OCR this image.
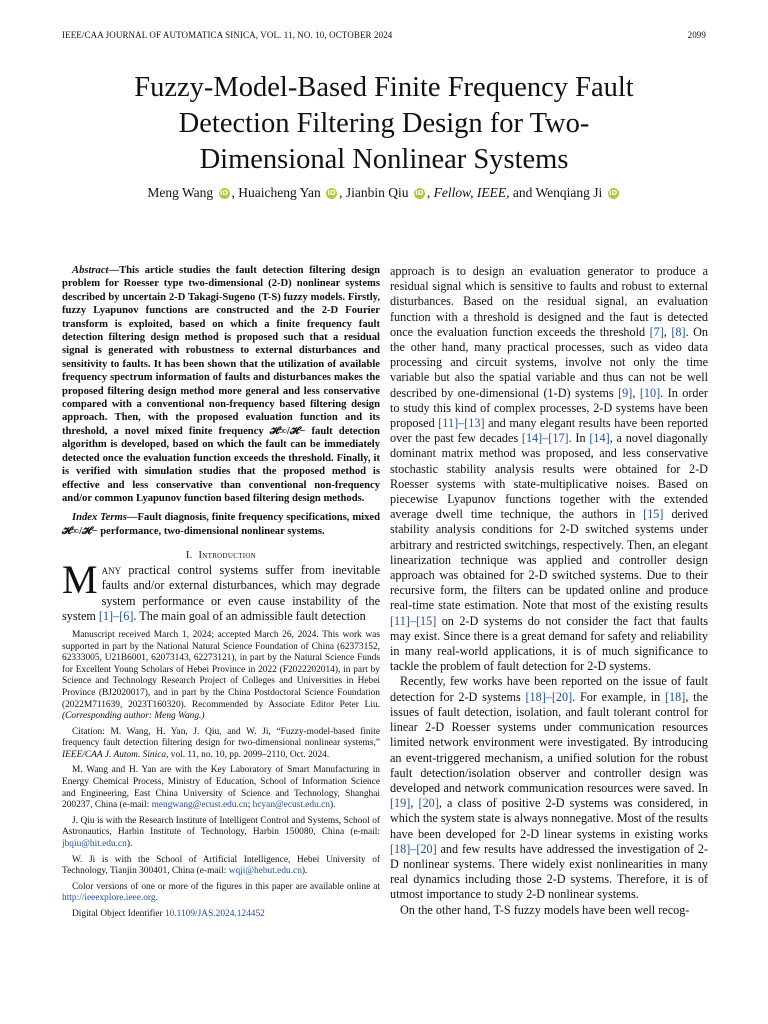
IEEE/CAA JOURNAL OF AUTOMATICA SINICA, VOL. 11, NO. 10, OCTOBER 2024	2099
Fuzzy-Model-Based Finite Frequency Fault
Detection Filtering Design for Two-
Dimensional Nonlinear Systems
Meng Wang iD , Huaicheng Yan iD , Jianbin Qiu iD , Fellow, IEEE, and Wenqiang Ji iD

Abstract—This article studies the fault detection filtering design problem for Roesser type two-dimensional (2-D) nonlinear systems described by uncertain 2-D Takagi-Sugeno (T-S) fuzzy models. Firstly, fuzzy Lyapunov functions are constructed and the 2-D Fourier transform is exploited, based on which a finite frequency fault detection filtering design method is proposed such that a residual signal is generated with robustness to external disturbances and sensitivity to faults. It has been shown that the utilization of available frequency spectrum information of faults and disturbances makes the proposed filtering design method more general and less conservative compared with a conventional non-frequency based filtering design approach. Then, with the proposed evaluation function and its threshold, a novel mixed finite frequency 𝓗∞/𝓗− fault detection algorithm is developed, based on which the fault can be immediately detected once the evaluation function exceeds the threshold. Finally, it is verified with simulation studies that the proposed method is effective and less conservative than conventional non-frequency and/or common Lyapunov function based filtering design methods.

Index Terms—Fault diagnosis, finite frequency specifications, mixed 𝓗∞/𝓗− performance, two-dimensional nonlinear systems.

I. Introduction

Many practical control systems suffer from inevitable faults and/or external disturbances, which may degrade system performance or even cause instability of the system [1]–[6]. The main goal of an admissible fault detection

Manuscript received March 1, 2024; accepted March 26, 2024. This work was supported in part by the National Natural Science Foundation of China (62373152, 62333005, U21B6001, 62073143, 62273121), in part by the Natural Science Funds for Excellent Young Scholars of Hebei Province in 2022 (F2022202014), in part by Science and Technology Research Project of Colleges and Universities in Hebei Province (BJ2020017), and in part by the China Postdoctoral Science Foundation (2022M711639, 2023T160320). Recommended by Associate Editor Peter Liu. (Corresponding author: Meng Wang.)

Citation: M. Wang, H. Yan, J. Qiu, and W. Ji, “Fuzzy-model-based finite frequency fault detection filtering design for two-dimensional nonlinear systems,” IEEE/CAA J. Autom. Sinica, vol. 11, no. 10, pp. 2099–2110, Oct. 2024.

M. Wang and H. Yan are with the Key Laboratory of Smart Manufacturing in Energy Chemical Process, Ministry of Education, School of Information Science and Engineering, East China University of Science and Technology, Shanghai 200237, China (e-mail: mengwang@ecust.edu.cn; hcyan@ecust.edu.cn).

J. Qiu is with the Research Institute of Intelligent Control and Systems, School of Astronautics, Harbin Institute of Technology, Harbin 150080, China (e-mail: jbqiu@hit.edu.cn).

W. Ji is with the School of Artificial Intelligence, Hebei University of Technology, Tianjin 300401, China (e-mail: wqji@hebut.edu.cn).

Color versions of one or more of the figures in this paper are available online at http://ieeexplore.ieee.org.

Digital Object Identifier 10.1109/JAS.2024.124452

approach is to design an evaluation generator to produce a residual signal which is sensitive to faults and robust to external disturbances. Based on the residual signal, an evaluation function with a threshold is designed and the faut is detected once the evaluation function exceeds the threshold [7], [8]. On the other hand, many practical processes, such as video data processing and circuit systems, involve not only the time variable but also the spatial variable and thus can not be well described by one-dimensional (1-D) systems [9], [10]. In order to study this kind of complex processes, 2-D systems have been proposed [11]–[13] and many elegant results have been reported over the past few decades [14]–[17]. In [14], a novel diagonally dominant matrix method was proposed, and less conservative stochastic stability analysis results were obtained for 2-D Roesser systems with state-multiplicative noises. Based on piecewise Lyapunov functions together with the extended average dwell time technique, the authors in [15] derived stability analysis conditions for 2-D switched systems under arbitrary and restricted switchings, respectively. Then, an elegant linearization technique was applied and controller design approach was obtained for 2-D switched systems. Due to their recursive form, the filters can be updated online and produce real-time state estimation. Note that most of the existing results [11]–[15] on 2-D systems do not consider the fact that faults may exist. Since there is a great demand for safety and reliability in many real-world applications, it is of much significance to tackle the problem of fault detection for 2-D systems.

Recently, few works have been reported on the issue of fault detection for 2-D systems [18]–[20]. For example, in [18], the issues of fault detection, isolation, and fault tolerant control for linear 2-D Roesser systems under communication resources limited network environment were investigated. By introducing an event-triggered mechanism, a unified solution for the robust fault detection/isolation observer and controller design was developed and network communication resources were saved. In [19], [20], a class of positive 2-D systems was considered, in which the system state is always nonnegative. Most of the results have been developed for 2-D linear systems in existing works [18]–[20] and few results have addressed the investigation of 2-D nonlinear systems. There widely exist nonlinearities in many real dynamics including those 2-D systems. Therefore, it is of utmost importance to study 2-D nonlinear systems.

On the other hand, T-S fuzzy models have been well recog-
